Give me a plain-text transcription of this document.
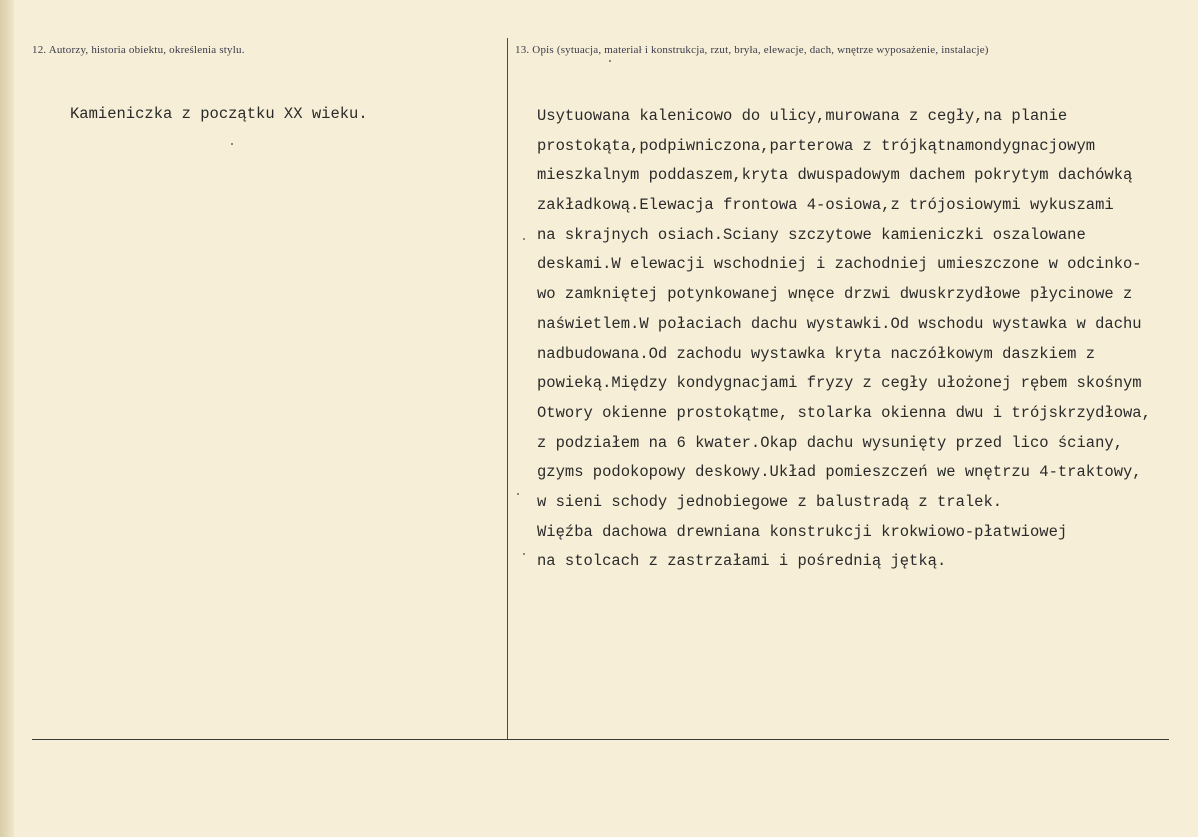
12. Autorzy, historia obiektu, określenia stylu.	13. Opis (sytuacja, materiał i konstrukcja, rzut, bryła, elewacje, dach, wnętrze wyposażenie, instalacje)
Kamieniczka z początku XX wieku.	Usytuowana kalenicowo do ulicy,murowana z cegły,na planie
prostokąta,podpiwniczona,parterowa z trójkątnamondygnacjowym
mieszkalnym poddaszem,kryta dwuspadowym dachem pokrytym dachówką
zakładkową.Elewacja frontowa 4-osiowa,z trójosiowymi wykuszami
na skrajnych osiach.Sciany szczytowe kamieniczki oszalowane
deskami.W elewacji wschodniej i zachodniej umieszczone w odcinko-
wo zamkniętej potynkowanej wnęce drzwi dwuskrzydłowe płycinowe z
naświetlem.W połaciach dachu wystawki.Od wschodu wystawka w dachu
nadbudowana.Od zachodu wystawka kryta naczółkowym daszkiem z
powieką.Między kondygnacjami fryzy z cegły ułożonej rębem skośnym
Otwory okienne prostokątme, stolarka okienna dwu i trójskrzydłowa,
z podziałem na 6 kwater.Okap dachu wysunięty przed lico ściany,
gzyms podokopowy deskowy.Układ pomieszczeń we wnętrzu 4-traktowy,
w sieni schody jednobiegowe z balustradą z tralek.
Więźba dachowa drewniana konstrukcji krokwiowo-płatwiowej
na stolcach z zastrzałami i pośrednią jętką.
